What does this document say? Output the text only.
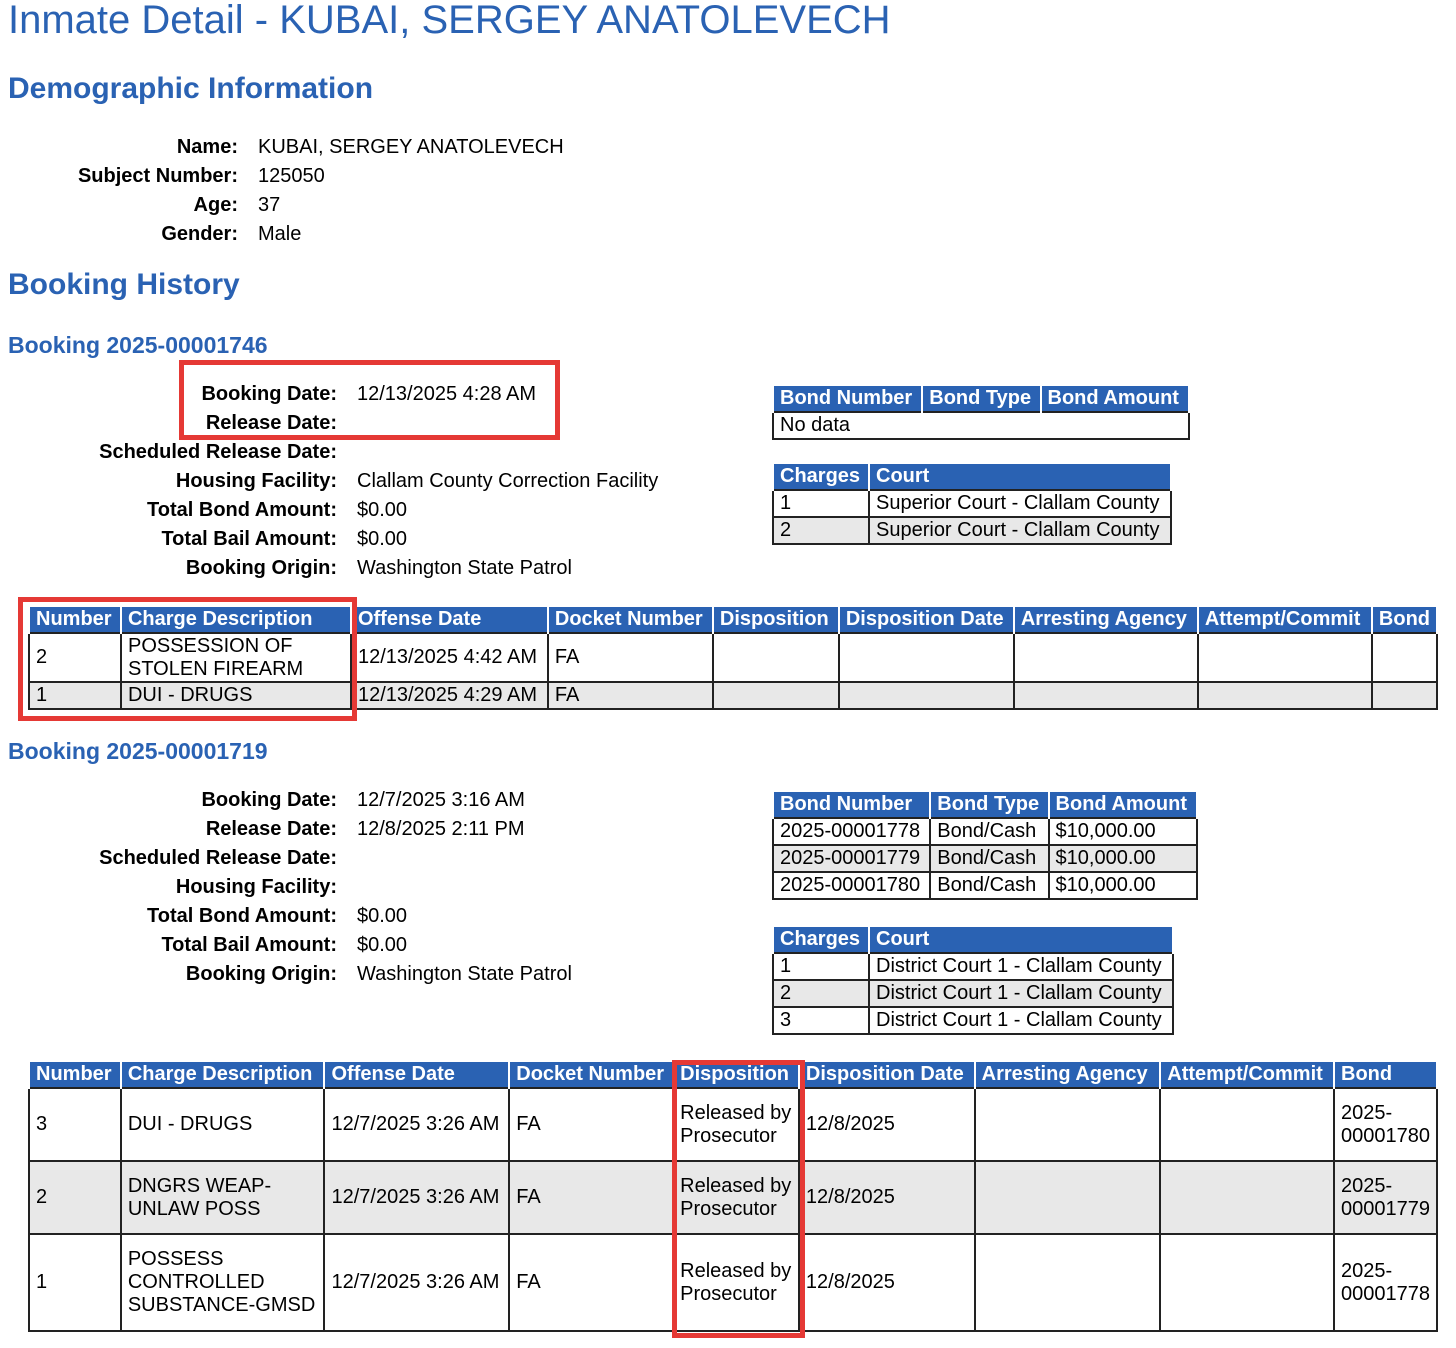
Inmate Detail - KUBAI, SERGEY ANATOLEVECH
Demographic Information
Name: KUBAI, SERGEY ANATOLEVECH
Subject Number: 125050
Age: 37
Gender: Male
Booking History
Booking 2025-00001746
Booking Date: 12/13/2025 4:28 AM
Release Date:
Scheduled Release Date:
Housing Facility: Clallam County Correction Facility
Total Bond Amount: $0.00
Total Bail Amount: $0.00
Booking Origin: Washington State Patrol
Bond Number	Bond Type	Bond Amount
No data
Charges	Court
1	Superior Court - Clallam County
2	Superior Court - Clallam County
Number	Charge Description	Offense Date	Docket Number	Disposition	Disposition Date	Arresting Agency	Attempt/Commit	Bond
2	POSSESSION OF STOLEN FIREARM	12/13/2025 4:42 AM	FA					
1	DUI - DRUGS	12/13/2025 4:29 AM	FA					
Booking 2025-00001719
Booking Date: 12/7/2025 3:16 AM
Release Date: 12/8/2025 2:11 PM
Scheduled Release Date:
Housing Facility:
Total Bond Amount: $0.00
Total Bail Amount: $0.00
Booking Origin: Washington State Patrol
Bond Number	Bond Type	Bond Amount
2025-00001778	Bond/Cash	$10,000.00
2025-00001779	Bond/Cash	$10,000.00
2025-00001780	Bond/Cash	$10,000.00
Charges	Court
1	District Court 1 - Clallam County
2	District Court 1 - Clallam County
3	District Court 1 - Clallam County
Number	Charge Description	Offense Date	Docket Number	Disposition	Disposition Date	Arresting Agency	Attempt/Commit	Bond
3	DUI - DRUGS	12/7/2025 3:26 AM	FA	Released by Prosecutor	12/8/2025			2025-00001780
2	DNGRS WEAP-UNLAW POSS	12/7/2025 3:26 AM	FA	Released by Prosecutor	12/8/2025			2025-00001779
1	POSSESS CONTROLLED SUBSTANCE-GMSD	12/7/2025 3:26 AM	FA	Released by Prosecutor	12/8/2025			2025-00001778
